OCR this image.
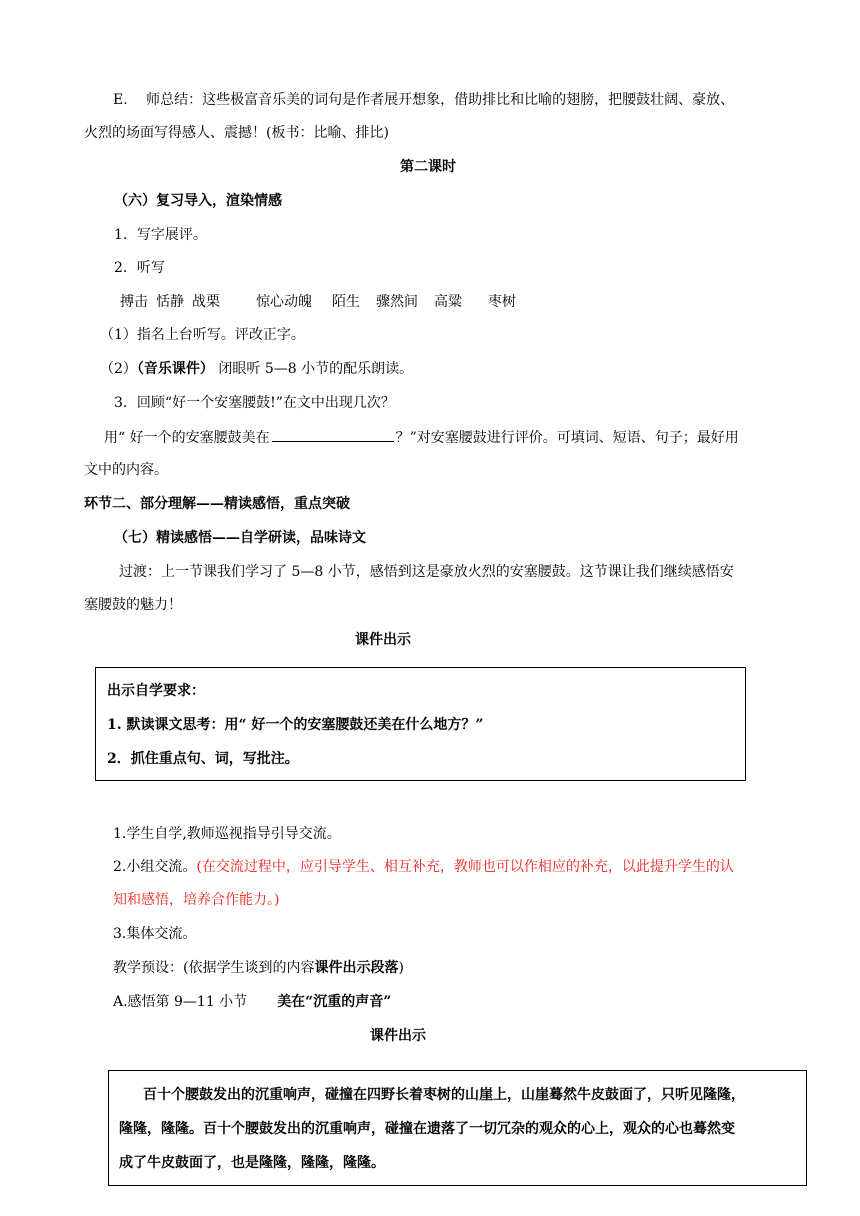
E.　 师总结：这些极富音乐美的词句是作者展开想象，借助排比和比喻的翅膀，把腰鼓壮阔、豪放、
火烈的场面写得感人、震撼！(板书：比喻、排比)
第二课时
（六）复习导入，渲染情感
1．写字展评。
2．听写
搏击 恬静 战栗	惊心动魄 陌生 骤然间 高粱 枣树
（1）指名上台听写。评改正字。
（2）（音乐课件） 闭眼听 5—8 小节的配乐朗读。
3．回顾“好一个安塞腰鼓!”在文中出现几次？
用“ 好一个的安塞腰鼓美在	？”对安塞腰鼓进行评价。可填词、短语、句子；最好用
文中的内容。
环节二、部分理解——精读感悟，重点突破
（七）精读感悟——自学研读，品味诗文
过渡：上一节课我们学习了 5—8 小节，感悟到这是豪放火烈的安塞腰鼓。这节课让我们继续感悟安
塞腰鼓的魅力！
课件出示
出示自学要求：
1. 默读课文思考：用“ 好一个的安塞腰鼓还美在什么地方？”
2．抓住重点句、词，写批注。
1.学生自学,教师巡视指导引导交流。
2.小组交流。(在交流过程中，应引导学生、相互补充，教师也可以作相应的补充，以此提升学生的认
知和感悟，培养合作能力。)
3.集体交流。
教学预设：(依据学生谈到的内容课件出示段落)
A.感悟第 9—11 小节 美在“沉重的声音”
课件出示
百十个腰鼓发出的沉重响声，碰撞在四野长着枣树的山崖上，山崖蓦然牛皮鼓面了，只听见隆隆，
隆隆，隆隆。百十个腰鼓发出的沉重响声，碰撞在遗落了一切冗杂的观众的心上，观众的心也蓦然变
成了牛皮鼓面了，也是隆隆，隆隆，隆隆。
